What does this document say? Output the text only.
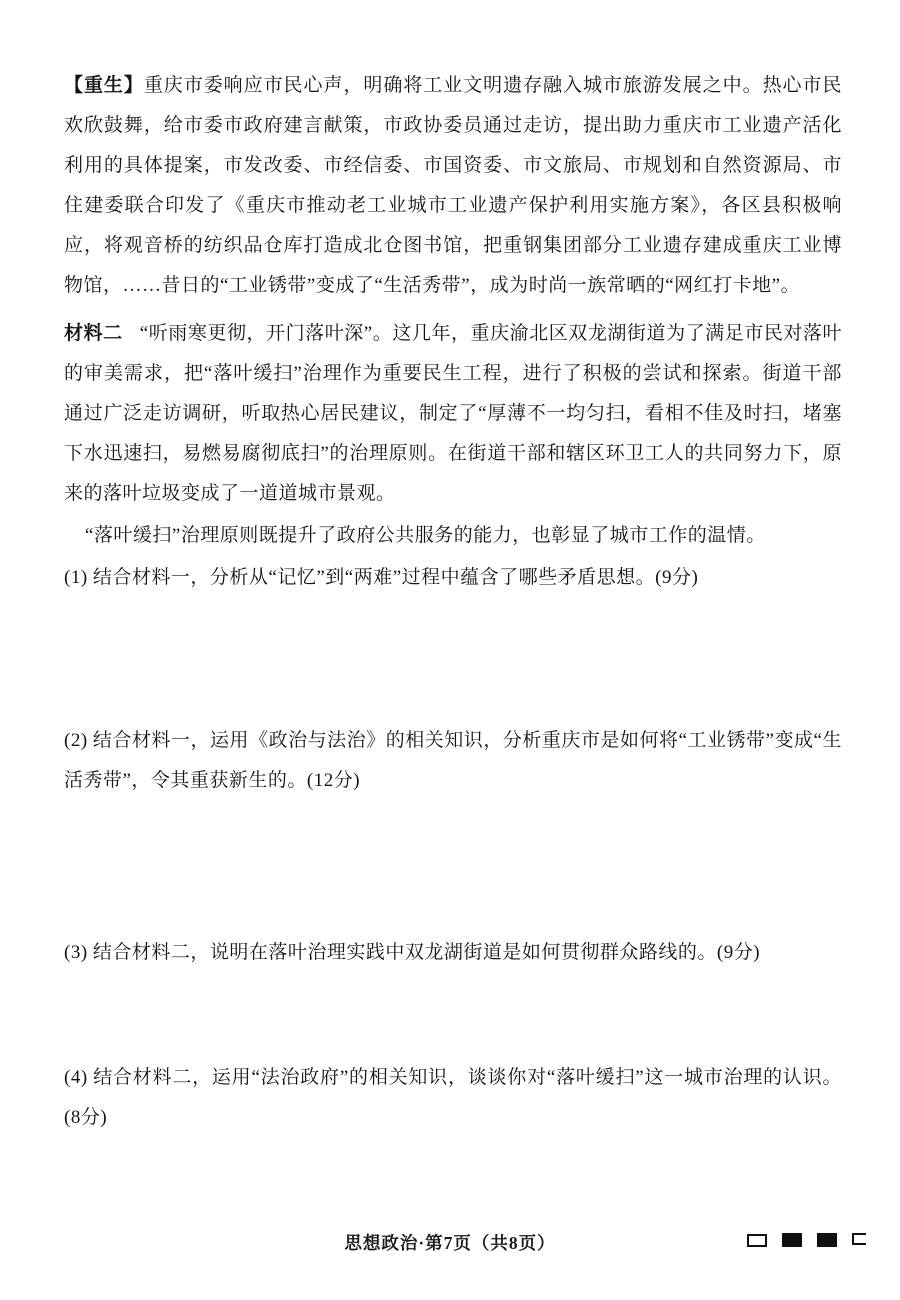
【重生】重庆市委响应市民心声，明确将工业文明遗存融入城市旅游发展之中。热心市民欢欣鼓舞，给市委市政府建言献策，市政协委员通过走访，提出助力重庆市工业遗产活化利用的具体提案，市发改委、市经信委、市国资委、市文旅局、市规划和自然资源局、市住建委联合印发了《重庆市推动老工业城市工业遗产保护利用实施方案》，各区县积极响应，将观音桥的纺织品仓库打造成北仓图书馆，把重钢集团部分工业遗存建成重庆工业博物馆，……昔日的“工业锈带”变成了“生活秀带”，成为时尚一族常晒的“网红打卡地”。

材料二 “听雨寒更彻，开门落叶深”。这几年，重庆渝北区双龙湖街道为了满足市民对落叶的审美需求，把“落叶缓扫”治理作为重要民生工程，进行了积极的尝试和探索。街道干部通过广泛走访调研，听取热心居民建议，制定了“厚薄不一均匀扫，看相不佳及时扫，堵塞下水迅速扫，易燃易腐彻底扫”的治理原则。在街道干部和辖区环卫工人的共同努力下，原来的落叶垃圾变成了一道道城市景观。

“落叶缓扫”治理原则既提升了政府公共服务的能力，也彰显了城市工作的温情。

(1) 结合材料一，分析从“记忆”到“两难”过程中蕴含了哪些矛盾思想。(9分)

(2) 结合材料一，运用《政治与法治》的相关知识，分析重庆市是如何将“工业锈带”变成“生活秀带”，令其重获新生的。(12分)

(3) 结合材料二，说明在落叶治理实践中双龙湖街道是如何贯彻群众路线的。(9分)

(4) 结合材料二，运用“法治政府”的相关知识，谈谈你对“落叶缓扫”这一城市治理的认识。(8分)

思想政治·第7页（共8页）
